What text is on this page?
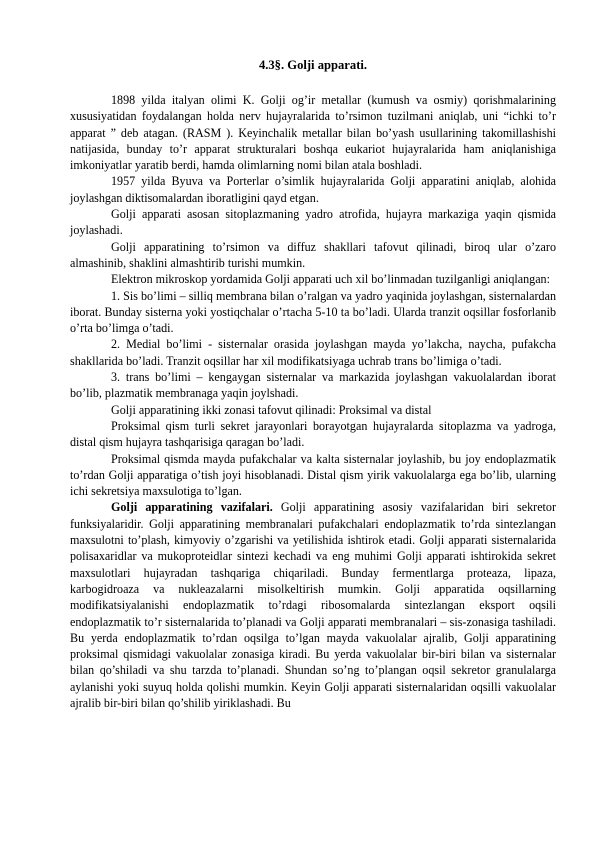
4.3§. Golji apparati.

1898 yilda italyan olimi K. Golji og’ir metallar (kumush va osmiy) qorishmalarining xususiyatidan foydalangan holda nerv hujayralarida to’rsimon tuzilmani aniqlab, uni “ichki to’r apparat ” deb atagan. (RASM ). Keyinchalik metallar bilan bo’yash usullarining takomillashishi natijasida, bunday to’r apparat strukturalari boshqa eukariot hujayralarida ham aniqlanishiga imkoniyatlar yaratib berdi, hamda olimlarning nomi bilan atala boshladi.

1957 yilda Byuva va Porterlar o’simlik hujayralarida Golji apparatini aniqlab, alohida joylashgan diktisomalardan iboratligini qayd etgan.

Golji apparati asosan sitoplazmaning yadro atrofida, hujayra markaziga yaqin qismida joylashadi.

Golji apparatining to’rsimon va diffuz shakllari tafovut qilinadi, biroq ular o’zaro almashinib, shaklini almashtirib turishi mumkin.

Elektron mikroskop yordamida Golji apparati uch xil bo’linmadan tuzilganligi aniqlangan:

1. Sis bo’limi – silliq membrana bilan o’ralgan va yadro yaqinida joylashgan, sisternalardan iborat. Bunday sisterna yoki yostiqchalar o’rtacha 5-10 ta bo’ladi. Ularda tranzit oqsillar fosforlanib o’rta bo’limga o’tadi.

2. Medial bo’limi - sisternalar orasida joylashgan mayda yo’lakcha, naycha, pufakcha shakllarida bo’ladi. Tranzit oqsillar har xil modifikatsiyaga uchrab trans bo’limiga o’tadi.

3. trans bo’limi – kengaygan sisternalar va markazida joylashgan vakuolalardan iborat bo’lib, plazmatik membranaga yaqin joylshadi.

Golji apparatining ikki zonasi tafovut qilinadi: Proksimal va distal

Proksimal qism turli sekret jarayonlari borayotgan hujayralarda sitoplazma va yadroga, distal qism hujayra tashqarisiga qaragan bo’ladi.

Proksimal qismda mayda pufakchalar va kalta sisternalar joylashib, bu joy endoplazmatik to’rdan Golji apparatiga o’tish joyi hisoblanadi. Distal qism yirik vakuolalarga ega bo’lib, ularning ichi sekretsiya maxsulotiga to’lgan.

Golji apparatining vazifalari. Golji apparatining asosiy vazifalaridan biri sekretor funksiyalaridir. Golji apparatining membranalari pufakchalari endoplazmatik to’rda sintezlangan maxsulotni to’plash, kimyoviy o’zgarishi va yetilishida ishtirok etadi. Golji apparati sisternalarida polisaxaridlar va mukoproteidlar sintezi kechadi va eng muhimi Golji apparati ishtirokida sekret maxsulotlari hujayradan tashqariga chiqariladi. Bunday fermentlarga proteaza, lipaza, karbogidroaza va nukleazalarni misolkeltirish mumkin. Golji apparatida oqsillarning modifikatsiyalanishi endoplazmatik to’rdagi ribosomalarda sintezlangan eksport oqsili endoplazmatik to’r sisternalarida to’planadi va Golji apparati membranalari – sis-zonasiga tashiladi. Bu yerda endoplazmatik to’rdan oqsilga to’lgan mayda vakuolalar ajralib, Golji apparatining proksimal qismidagi vakuolalar zonasiga kiradi. Bu yerda vakuolalar bir-biri bilan va sisternalar bilan qo’shiladi va shu tarzda to’planadi. Shundan so’ng to’plangan oqsil sekretor granulalarga aylanishi yoki suyuq holda qolishi mumkin. Keyin Golji apparati sisternalaridan oqsilli vakuolalar ajralib bir-biri bilan qo’shilib yiriklashadi. Bu
